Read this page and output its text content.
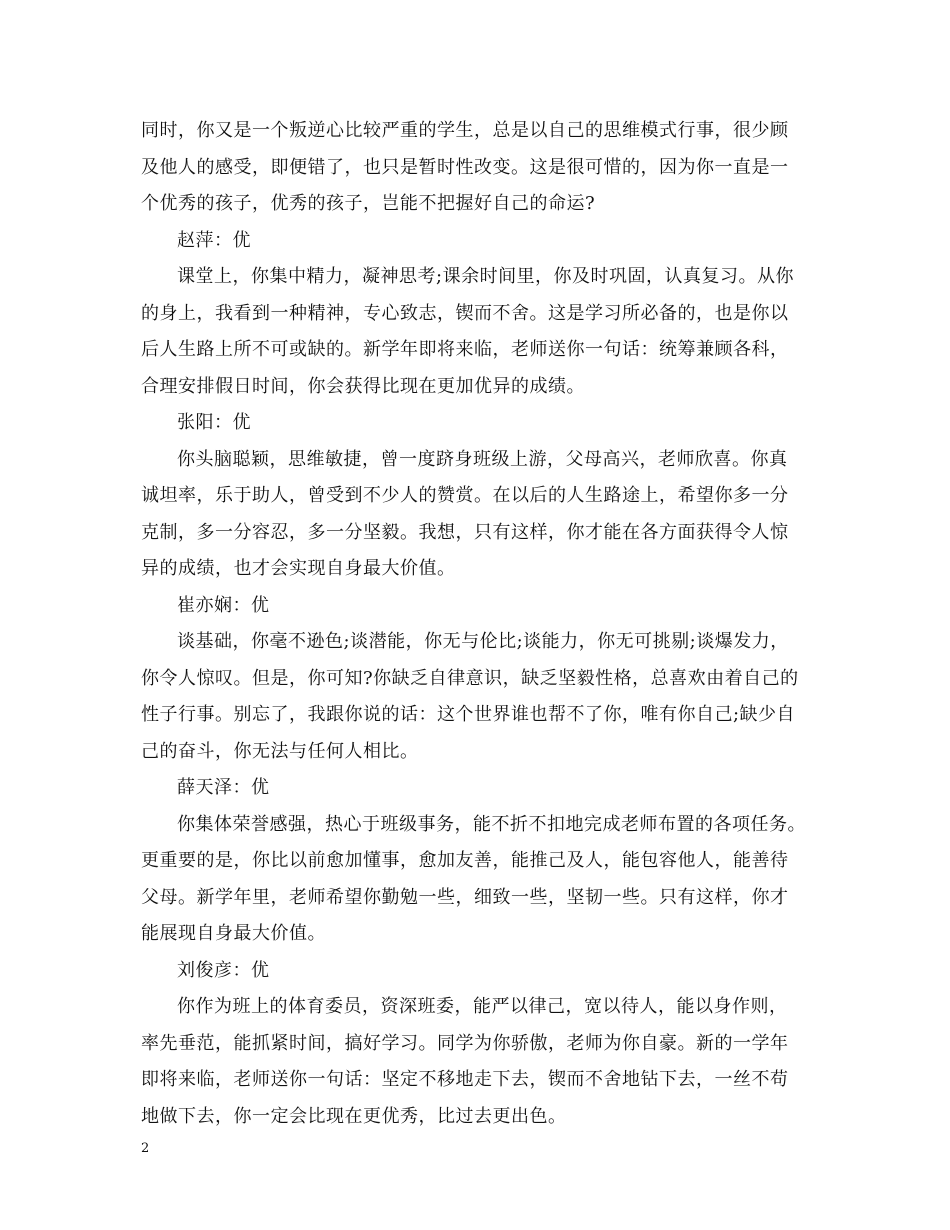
同时，你又是一个叛逆心比较严重的学生，总是以自己的思维模式行事，很少顾
及他人的感受，即便错了，也只是暂时性改变。这是很可惜的，因为你一直是一
个优秀的孩子，优秀的孩子，岂能不把握好自己的命运?
赵萍：优
课堂上，你集中精力，凝神思考;课余时间里，你及时巩固，认真复习。从你
的身上，我看到一种精神，专心致志，锲而不舍。这是学习所必备的，也是你以
后人生路上所不可或缺的。新学年即将来临，老师送你一句话：统筹兼顾各科，
合理安排假日时间，你会获得比现在更加优异的成绩。
张阳：优
你头脑聪颖，思维敏捷，曾一度跻身班级上游，父母高兴，老师欣喜。你真
诚坦率，乐于助人，曾受到不少人的赞赏。在以后的人生路途上，希望你多一分
克制，多一分容忍，多一分坚毅。我想，只有这样，你才能在各方面获得令人惊
异的成绩，也才会实现自身最大价值。
崔亦娴：优
谈基础，你毫不逊色;谈潜能，你无与伦比;谈能力，你无可挑剔;谈爆发力，
你令人惊叹。但是，你可知?你缺乏自律意识，缺乏坚毅性格，总喜欢由着自己的
性子行事。别忘了，我跟你说的话：这个世界谁也帮不了你，唯有你自己;缺少自
己的奋斗，你无法与任何人相比。
薛天泽：优
你集体荣誉感强，热心于班级事务，能不折不扣地完成老师布置的各项任务。
更重要的是，你比以前愈加懂事，愈加友善，能推己及人，能包容他人，能善待
父母。新学年里，老师希望你勤勉一些，细致一些，坚韧一些。只有这样，你才
能展现自身最大价值。
刘俊彦：优
你作为班上的体育委员，资深班委，能严以律己，宽以待人，能以身作则，
率先垂范，能抓紧时间，搞好学习。同学为你骄傲，老师为你自豪。新的一学年
即将来临，老师送你一句话：坚定不移地走下去，锲而不舍地钻下去，一丝不苟
地做下去，你一定会比现在更优秀，比过去更出色。
2
